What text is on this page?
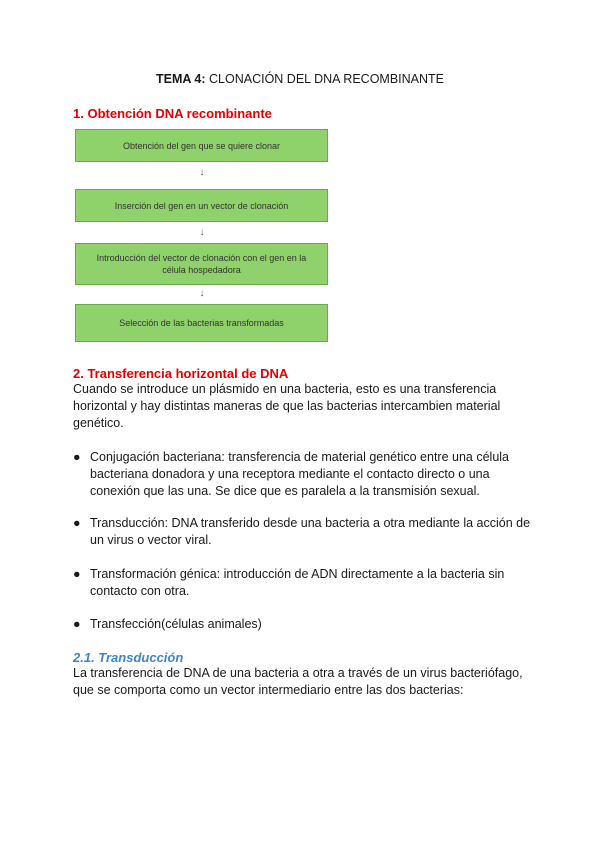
TEMA 4: CLONACIÓN DEL DNA RECOMBINANTE
1. Obtención DNA recombinante
Obtención del gen que se quiere clonar
↓
Inserción del gen en un vector de clonación
↓
Introducción del vector de clonación con el gen en la célula hospedadora
↓
Selección de las bacterias transformadas
2. Transferencia horizontal de DNA
Cuando se introduce un plásmido en una bacteria, esto es una transferencia horizontal y hay distintas maneras de que las bacterias intercambien material genético.
● Conjugación bacteriana: transferencia de material genético entre una célula bacteriana donadora y una receptora mediante el contacto directo o una conexión que las una. Se dice que es paralela a la transmisión sexual.
● Transducción: DNA transferido desde una bacteria a otra mediante la acción de un virus o vector viral.
● Transformación génica: introducción de ADN directamente a la bacteria sin contacto con otra.
● Transfección(células animales)
2.1. Transducción
La transferencia de DNA de una bacteria a otra a través de un virus bacteriófago, que se comporta como un vector intermediario entre las dos bacterias:
